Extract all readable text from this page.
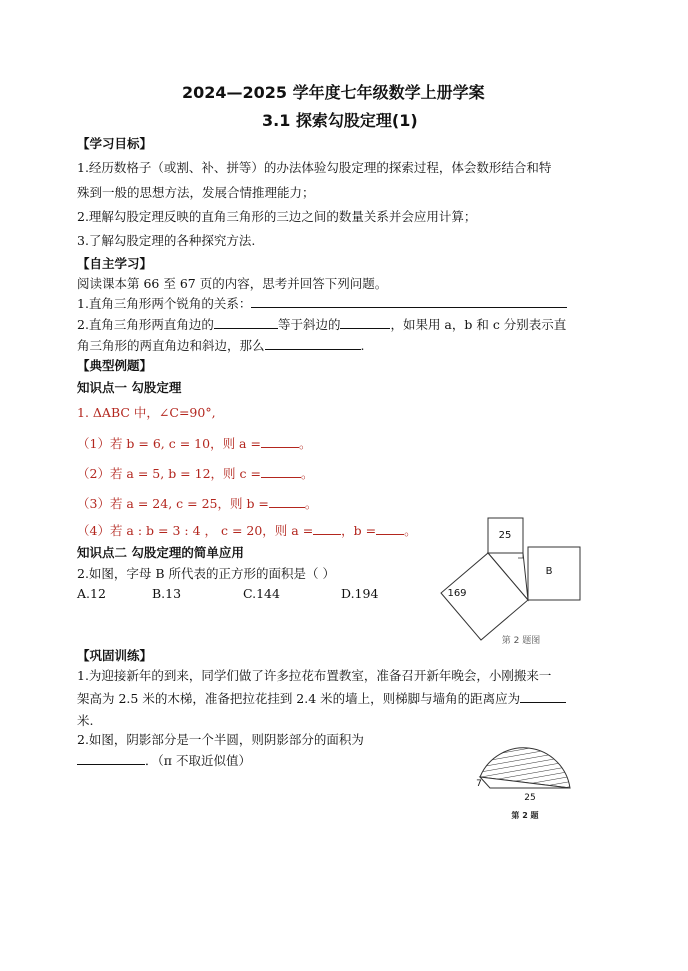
2024—2025 学年度七年级数学上册学案
3.1 探索勾股定理(1)
【学习目标】
1.经历数格子（或割、补、拼等）的办法体验勾股定理的探索过程，体会数形结合和特
殊到一般的思想方法，发展合情推理能力；
2.理解勾股定理反映的直角三角形的三边之间的数量关系并会应用计算；
3.了解勾股定理的各种探究方法.
【自主学习】
阅读课本第 66 至 67 页的内容，思考并回答下列问题。
1.直角三角形两个锐角的关系：
2.直角三角形两直角边的	等于斜边的	，如果用 a，b 和 c 分别表示直
角三角形的两直角边和斜边，那么	.
【典型例题】
知识点一 勾股定理
1. ΔABC 中，∠C=90°,
（1）若 b = 6, c = 10，则 a =	。
（2）若 a = 5, b = 12，则 c =	。
（3）若 a = 24, c = 25，则 b =	。
（4）若 a : b = 3 : 4 ， c = 20，则 a = ，b = 。
知识点二 勾股定理的简单应用
2.如图，字母 B 所代表的正方形的面积是（ ）
A.12	B.13	C.144	D.194
25
169
B
第 2 题图
【巩固训练】
1.为迎接新年的到来，同学们做了许多拉花布置教室，准备召开新年晚会，小刚搬来一
架高为 2.5 米的木梯，准备把拉花挂到 2.4 米的墙上，则梯脚与墙角的距离应为
米.
2.如图，阴影部分是一个半圆，则阴影部分的面积为
．（π 不取近似值）
7
25
第 2 题
